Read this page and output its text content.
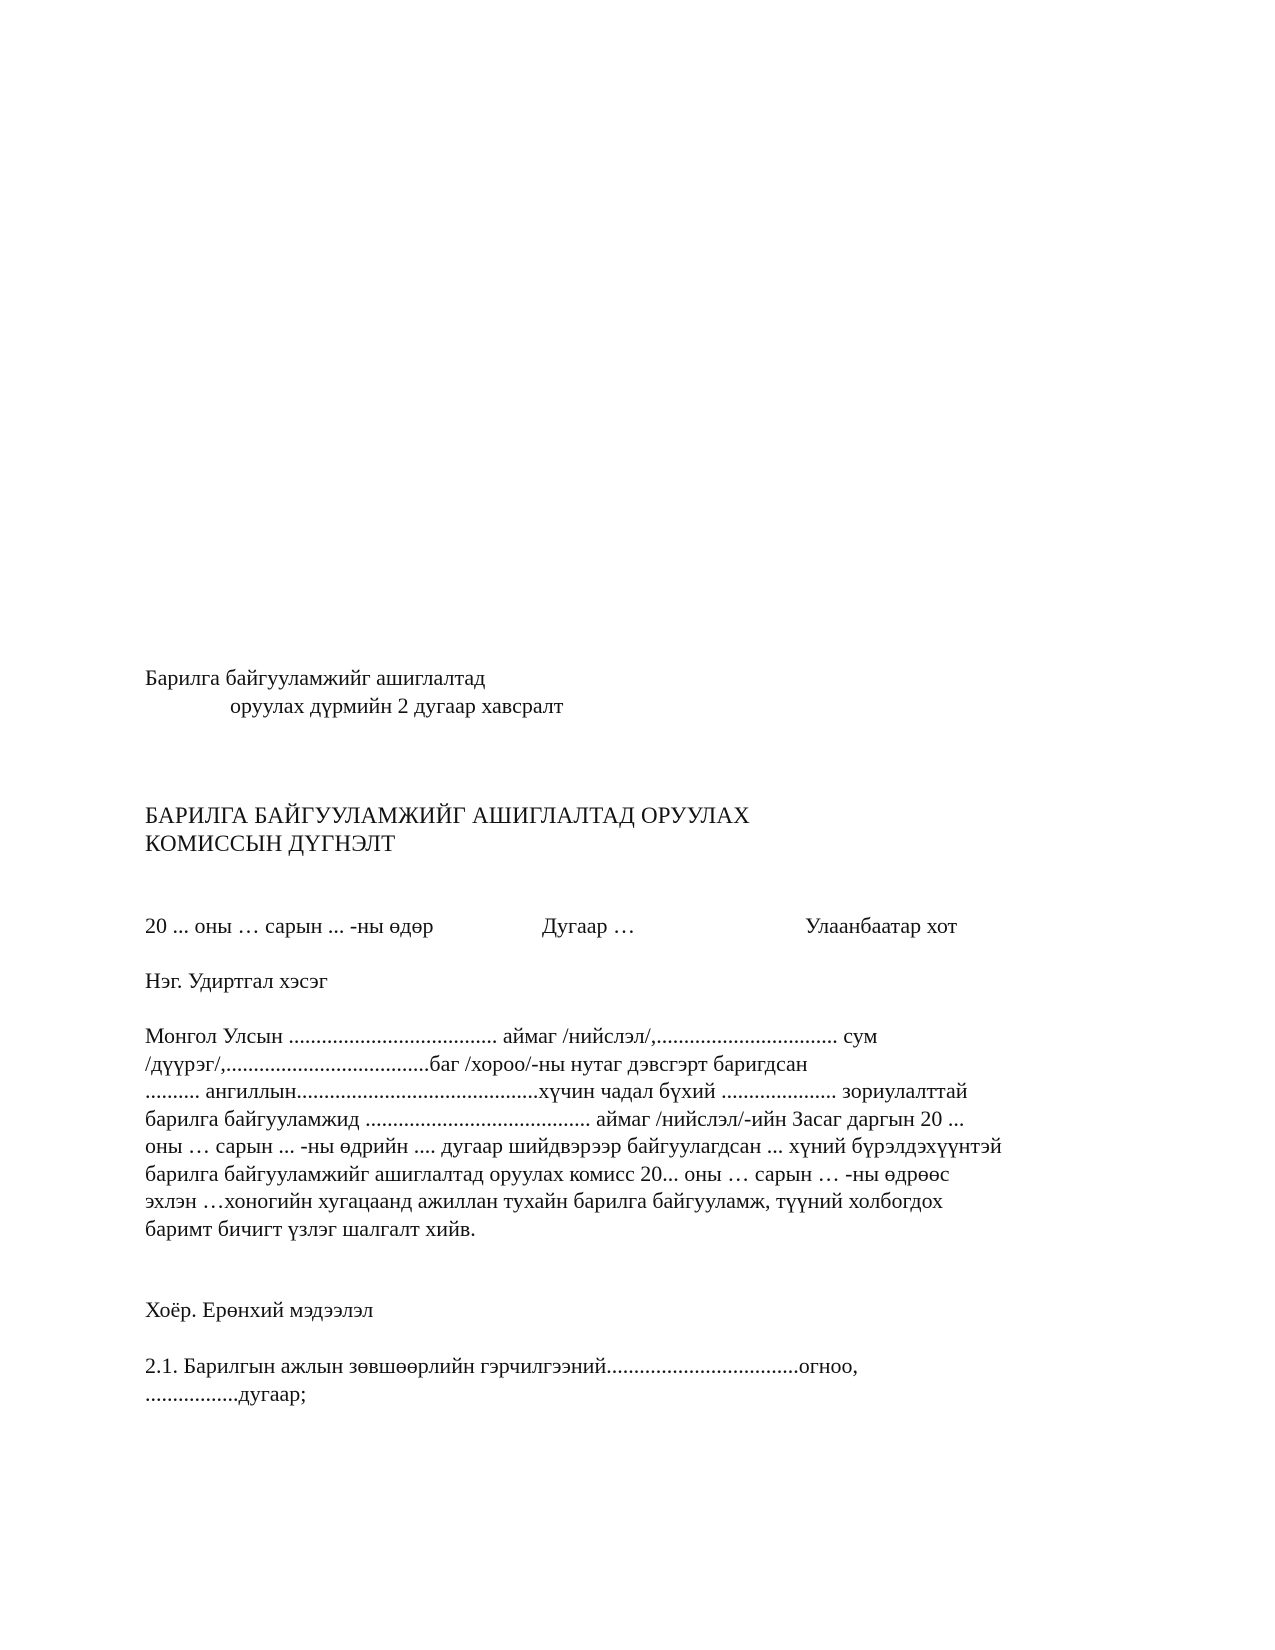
Барилга байгууламжийг ашиглалтад
оруулах дүрмийн 2 дугаар хавсралт
БАРИЛГА БАЙГУУЛАМЖИЙГ АШИГЛАЛТАД ОРУУЛАХ
КОМИССЫН ДҮГНЭЛТ
20 ... оны … сарын ... -ны өдөр	Дугаар …	Улаанбаатар хот
Нэг. Удиртгал хэсэг
Монгол Улсын ...................................... аймаг /нийслэл/,................................. сум
/дүүрэг/,.....................................баг /хороо/-ны нутаг дэвсгэрт баригдсан
.......... ангиллын............................................хүчин чадал бүхий ..................... зориулалттай
барилга байгууламжид ......................................... аймаг /нийслэл/-ийн Засаг даргын 20 ...
оны … сарын ... -ны өдрийн .... дугаар шийдвэрээр байгуулагдсан ... хүний бүрэлдэхүүнтэй
барилга байгууламжийг ашиглалтад оруулах комисс 20... оны … сарын … -ны өдрөөс
эхлэн …хоногийн хугацаанд ажиллан тухайн барилга байгууламж, түүний холбогдох
баримт бичигт үзлэг шалгалт хийв.
Хоёр. Ерөнхий мэдээлэл
2.1. Барилгын ажлын зөвшөөрлийн гэрчилгээний...................................огноо,
.................дугаар;
